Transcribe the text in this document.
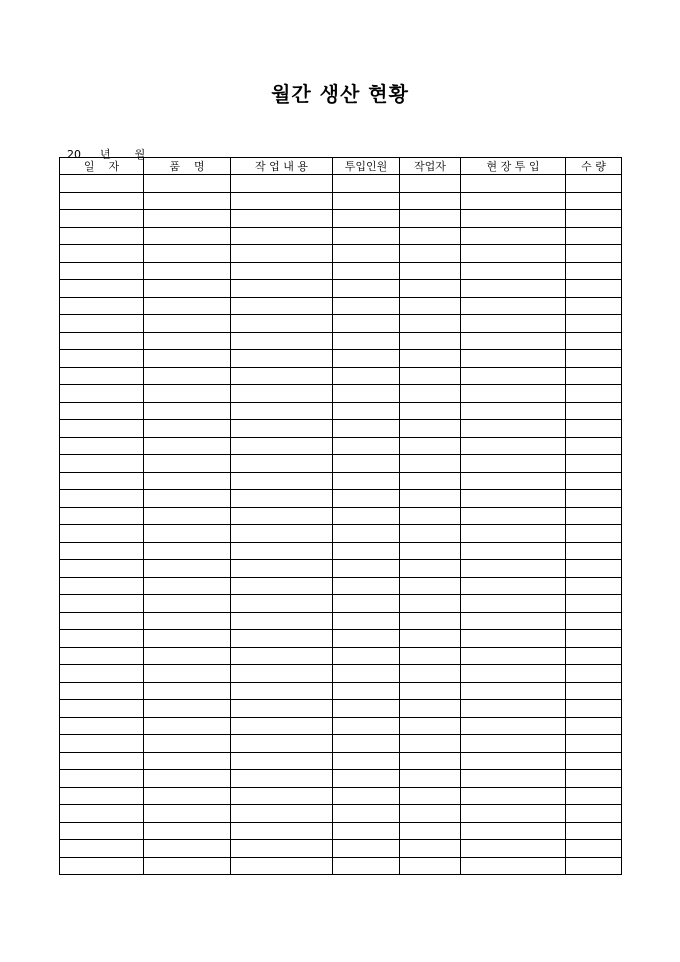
월간 생산 현황

20 년 월

일    자	품    명	작 업 내 용	투입인원	작업자	현 장 투 입	수 량
